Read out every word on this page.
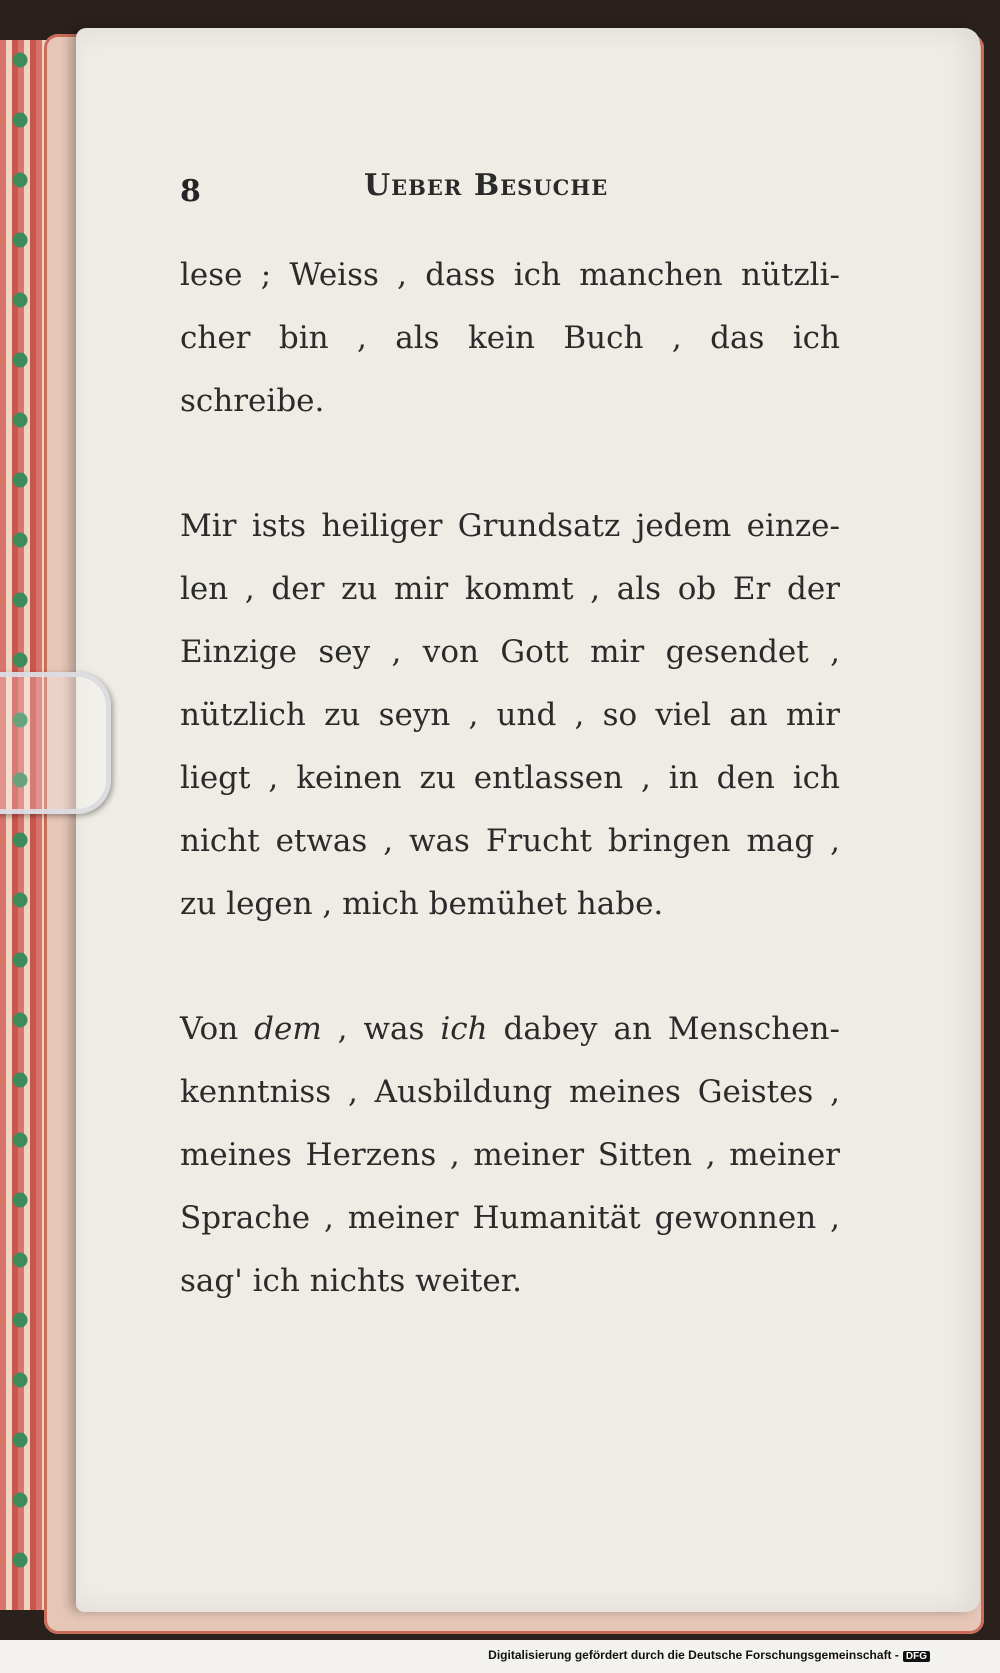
8	Ueber Besuche

lese ; Weiss , dass ich manchen nützli-
cher bin , als kein Buch , das ich
schreibe.

Mir ists heiliger Grundsatz jedem einze-
len , der zu mir kommt , als ob Er der
Einzige sey , von Gott mir gesendet ,
nützlich zu seyn , und , so viel an mir
liegt , keinen zu entlassen , in den ich
nicht etwas , was Frucht bringen mag ,
zu legen , mich bemühet habe.

Von dem , was ich dabey an Menschen-
kenntniss , Ausbildung meines Geistes ,
meines Herzens , meiner Sitten , meiner
Sprache , meiner Humanität gewonnen ,
sag' ich nichts weiter.

Digitalisierung gefördert durch die Deutsche Forschungsgemeinschaft - DFG
